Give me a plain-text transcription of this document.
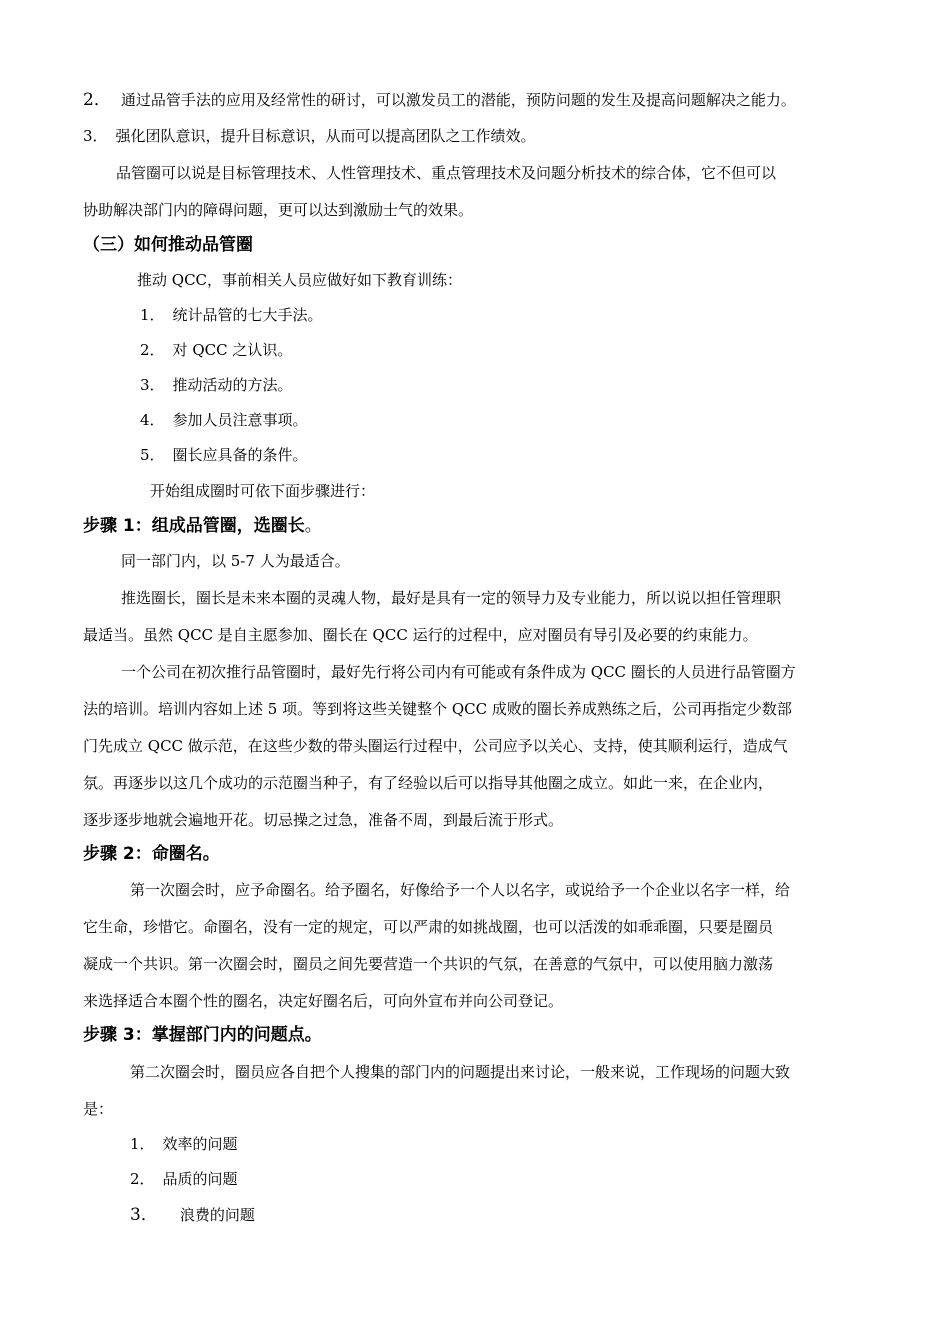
2． 通过品管手法的应用及经常性的研讨，可以激发员工的潜能，预防问题的发生及提高问题解决之能力。

3． 强化团队意识，提升目标意识，从而可以提高团队之工作绩效。

品管圈可以说是目标管理技术、人性管理技术、重点管理技术及问题分析技术的综合体，它不但可以

协助解决部门内的障碍问题，更可以达到激励士气的效果。

（三）如何推动品管圈

推动 QCC，事前相关人员应做好如下教育训练：

1． 统计品管的七大手法。

2． 对 QCC 之认识。

3． 推动活动的方法。

4． 参加人员注意事项。

5． 圈长应具备的条件。

开始组成圈时可依下面步骤进行：

步骤 1：组成品管圈，选圈长。

同一部门内，以 5-7 人为最适合。

推选圈长，圈长是未来本圈的灵魂人物，最好是具有一定的领导力及专业能力，所以说以担任管理职

最适当。虽然 QCC 是自主愿参加、圈长在 QCC 运行的过程中，应对圈员有导引及必要的约束能力。

一个公司在初次推行品管圈时，最好先行将公司内有可能或有条件成为 QCC 圈长的人员进行品管圈方

法的培训。培训内容如上述 5 项。等到将这些关键整个 QCC 成败的圈长养成熟练之后，公司再指定少数部

门先成立 QCC 做示范，在这些少数的带头圈运行过程中，公司应予以关心、支持，使其顺利运行，造成气

氛。再逐步以这几个成功的示范圈当种子，有了经验以后可以指导其他圈之成立。如此一来，在企业内，

逐步逐步地就会遍地开花。切忌操之过急，准备不周，到最后流于形式。

步骤 2：命圈名。

第一次圈会时，应予命圈名。给予圈名，好像给予一个人以名字，或说给予一个企业以名字一样，给

它生命，珍惜它。命圈名，没有一定的规定，可以严肃的如挑战圈，也可以活泼的如乖乖圈，只要是圈员

凝成一个共识。第一次圈会时，圈员之间先要营造一个共识的气氛，在善意的气氛中，可以使用脑力激荡

来选择适合本圈个性的圈名，决定好圈名后，可向外宣布并向公司登记。

步骤 3：掌握部门内的问题点。

第二次圈会时，圈员应各自把个人搜集的部门内的问题提出来讨论，一般来说，工作现场的问题大致

是：

1． 效率的问题

2． 品质的问题

3． 浪费的问题
